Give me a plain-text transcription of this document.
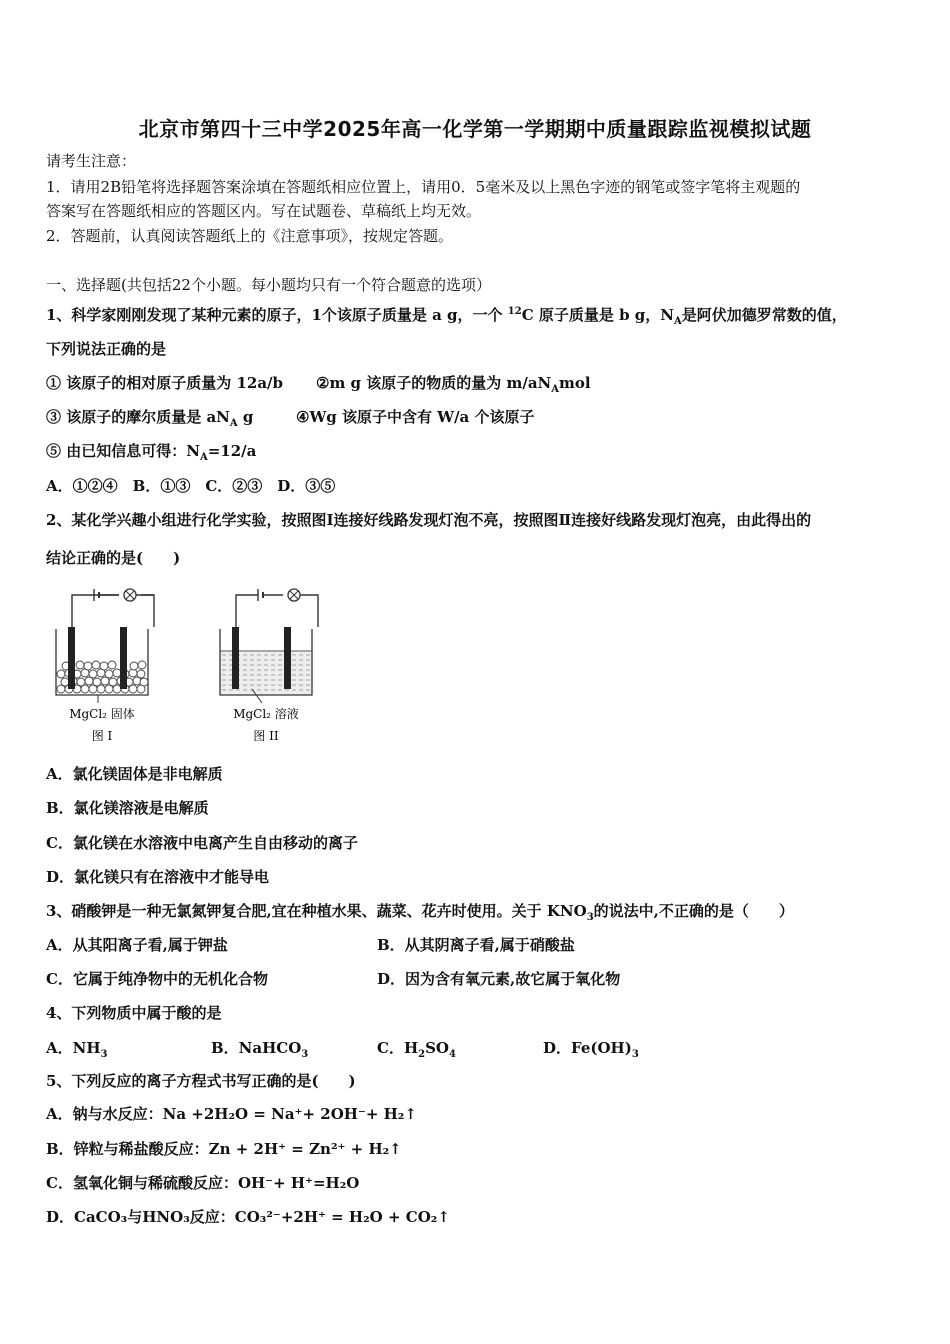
北京市第四十三中学2025年高一化学第一学期期中质量跟踪监视模拟试题
请考生注意：
1．请用2B铅笔将选择题答案涂填在答题纸相应位置上，请用0．5毫米及以上黑色字迹的钢笔或签字笔将主观题的
答案写在答题纸相应的答题区内。写在试题卷、草稿纸上均无效。
2．答题前，认真阅读答题纸上的《注意事项》，按规定答题。
一、选择题(共包括22个小题。每小题均只有一个符合题意的选项）
1、科学家刚刚发现了某种元素的原子，1个该原子质量是 a g，一个 $^{12}$C 原子质量是 b g，$N_A$是阿伏加德罗常数的值，
下列说法正确的是
① 该原子的相对原子质量为 12a/b ②m g 该原子的物质的量为 $m/aN_Amol$
③ 该原子的摩尔质量是 $aN_A$ g	④Wg 该原子中含有 W/a 个该原子
⑤ 由已知信息可得：$N_A=12/a$
A．①②④　B．①③　C．②③　D．③⑤
2、某化学兴趣小组进行化学实验，按照图Ⅰ连接好线路发现灯泡不亮，按照图Ⅱ连接好线路发现灯泡亮，由此得出的
结论正确的是(　　)
MgCl₂ 固体
图 I
MgCl₂ 溶液
图 II
A．氯化镁固体是非电解质
B．氯化镁溶液是电解质
C．氯化镁在水溶液中电离产生自由移动的离子
D．氯化镁只有在溶液中才能导电
3、硝酸钾是一种无氯氮钾复合肥,宜在种植水果、蔬菜、花卉时使用。关于 $KNO_3$的说法中,不正确的是（　　）
A．从其阳离子看,属于钾盐	B．从其阴离子看,属于硝酸盐
C．它属于纯净物中的无机化合物	D．因为含有氧元素,故它属于氧化物
4、下列物质中属于酸的是
A．$NH_3$	B．NaHCO$_3$	C．$H_2SO_4$	D．$Fe(OH)_3$
5、下列反应的离子方程式书写正确的是(　　)
A．钠与水反应：Na +2H₂O = Na⁺+ 2OH⁻+ H₂↑
B．锌粒与稀盐酸反应：Zn + 2H⁺ = Zn²⁺ + H₂↑
C．氢氧化铜与稀硫酸反应：OH⁻+ H⁺=H₂O
D．CaCO₃与HNO₃反应：CO₃²⁻+2H⁺ = H₂O + CO₂↑
